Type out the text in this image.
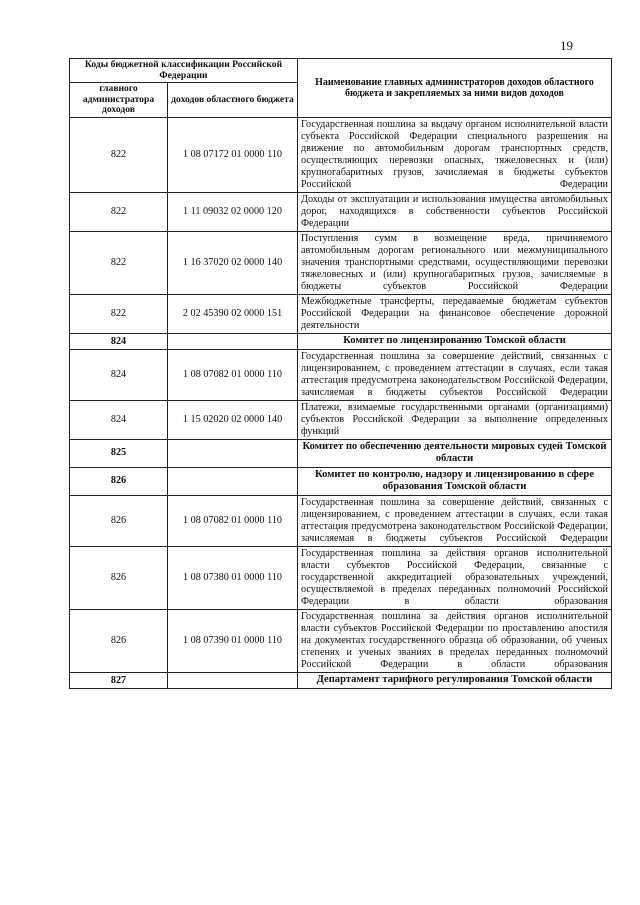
19
Коды бюджетной классификации Российской Федерации		Наименование главных администраторов доходов областного бюджета и закрепляемых за ними видов доходов
главного администратора доходов	доходов областного бюджета	
822	1 08 07172 01 0000 110	Государственная пошлина за выдачу органом исполнительной власти субъекта Российской Федерации специального разрешения на движение по автомобильным дорогам транспортных средств, осуществляющих перевозки опасных, тяжеловесных и (или) крупногабаритных грузов, зачисляемая в бюджеты субъектов Российской Федерации
822	1 11 09032 02 0000 120	Доходы от эксплуатации и использования имущества автомобильных дорог, находящихся в собственности субъектов Российской Федерации
822	1 16 37020 02 0000 140	Поступления сумм в возмещение вреда, причиняемого автомобильным дорогам регионального или межмуниципального значения транспортными средствами, осуществляющими перевозки тяжеловесных и (или) крупногабаритных грузов, зачисляемые в бюджеты субъектов Российской Федерации
822	2 02 45390 02 0000 151	Межбюджетные трансферты, передаваемые бюджетам субъектов Российской Федерации на финансовое обеспечение дорожной деятельности
824		Комитет по лицензированию Томской области
824	1 08 07082 01 0000 110	Государственная пошлина за совершение действий, связанных с лицензированием, с проведением аттестации в случаях, если такая аттестация предусмотрена законодательством Российской Федерации, зачисляемая в бюджеты субъектов Российской Федерации
824	1 15 02020 02 0000 140	Платежи, взимаемые государственными органами (организациями) субъектов Российской Федерации за выполнение определенных функций
825		Комитет по обеспечению деятельности мировых судей Томской области
826		Комитет по контролю, надзору и лицензированию в сфере образования Томской области
826	1 08 07082 01 0000 110	Государственная пошлина за совершение действий, связанных с лицензированием, с проведением аттестации в случаях, если такая аттестация предусмотрена законодательством Российской Федерации, зачисляемая в бюджеты субъектов Российской Федерации
826	1 08 07380 01 0000 110	Государственная пошлина за действия органов исполнительной власти субъектов Российской Федерации, связанные с государственной аккредитацией образовательных учреждений, осуществляемой в пределах переданных полномочий Российской Федерации в области образования
826	1 08 07390 01 0000 110	Государственная пошлина за действия органов исполнительной власти субъектов Российской Федерации по проставлению апостиля на документах государственного образца об образовании, об ученых степенях и ученых званиях в пределах переданных полномочий Российской Федерации в области образования
827		Департамент тарифного регулирования Томской области
